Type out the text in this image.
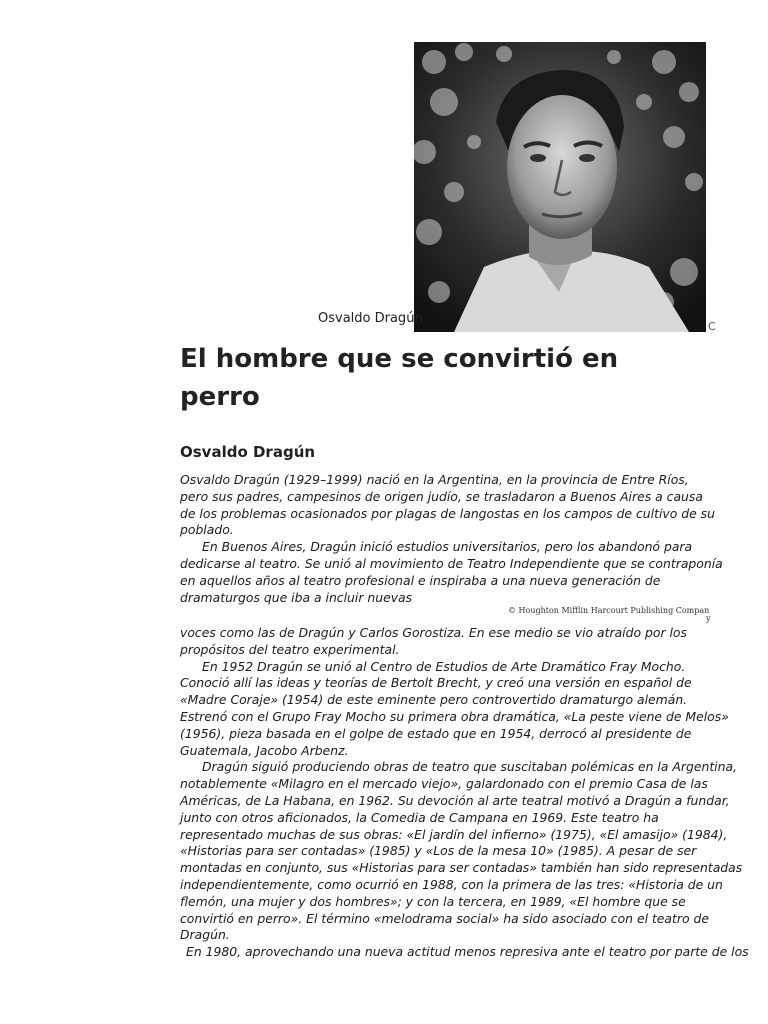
Osvaldo Dragún
C
El hombre que se convirtió en
perro
Osvaldo Dragún
Osvaldo Dragún (1929–1999) nació en la Argentina, en la provincia de Entre Ríos,
pero sus padres, campesinos de origen judío, se trasladaron a Buenos Aires a causa
de los problemas ocasionados por plagas de langostas en los campos de cultivo de su
poblado.
En Buenos Aires, Dragún inició estudios universitarios, pero los abandonó para
dedicarse al teatro. Se unió al movimiento de Teatro Independiente que se contraponía
en aquellos años al teatro profesional e inspiraba a una nueva generación de
dramaturgos que iba a incluir nuevas
© Houghton Mifflin Harcourt Publishing Compan
y
voces como las de Dragún y Carlos Gorostiza. En ese medio se vio atraído por los
propósitos del teatro experimental.
En 1952 Dragún se unió al Centro de Estudios de Arte Dramático Fray Mocho.
Conoció allí las ideas y teorías de Bertolt Brecht, y creó una versión en español de
«Madre Coraje» (1954) de este eminente pero controvertido dramaturgo alemán.
Estrenó con el Grupo Fray Mocho su primera obra dramática, «La peste viene de Melos»
(1956), pieza basada en el golpe de estado que en 1954, derrocó al presidente de
Guatemala, Jacobo Arbenz.
Dragún siguió produciendo obras de teatro que suscitaban polémicas en la Argentina,
notablemente «Milagro en el mercado viejo», galardonado con el premio Casa de las
Américas, de La Habana, en 1962. Su devoción al arte teatral motivó a Dragún a fundar,
junto con otros aficionados, la Comedia de Campana en 1969. Este teatro ha
representado muchas de sus obras: «El jardín del infierno» (1975), «El amasijo» (1984),
«Historias para ser contadas» (1985) y «Los de la mesa 10» (1985). A pesar de ser
montadas en conjunto, sus «Historias para ser contadas» también han sido representadas
independientemente, como ocurrió en 1988, con la primera de las tres: «Historia de un
flemón, una mujer y dos hombres»; y con la tercera, en 1989, «El hombre que se
convirtió en perro». El término «melodrama social» ha sido asociado con el teatro de
Dragún.
En 1980, aprovechando una nueva actitud menos represiva ante el teatro por parte de los
